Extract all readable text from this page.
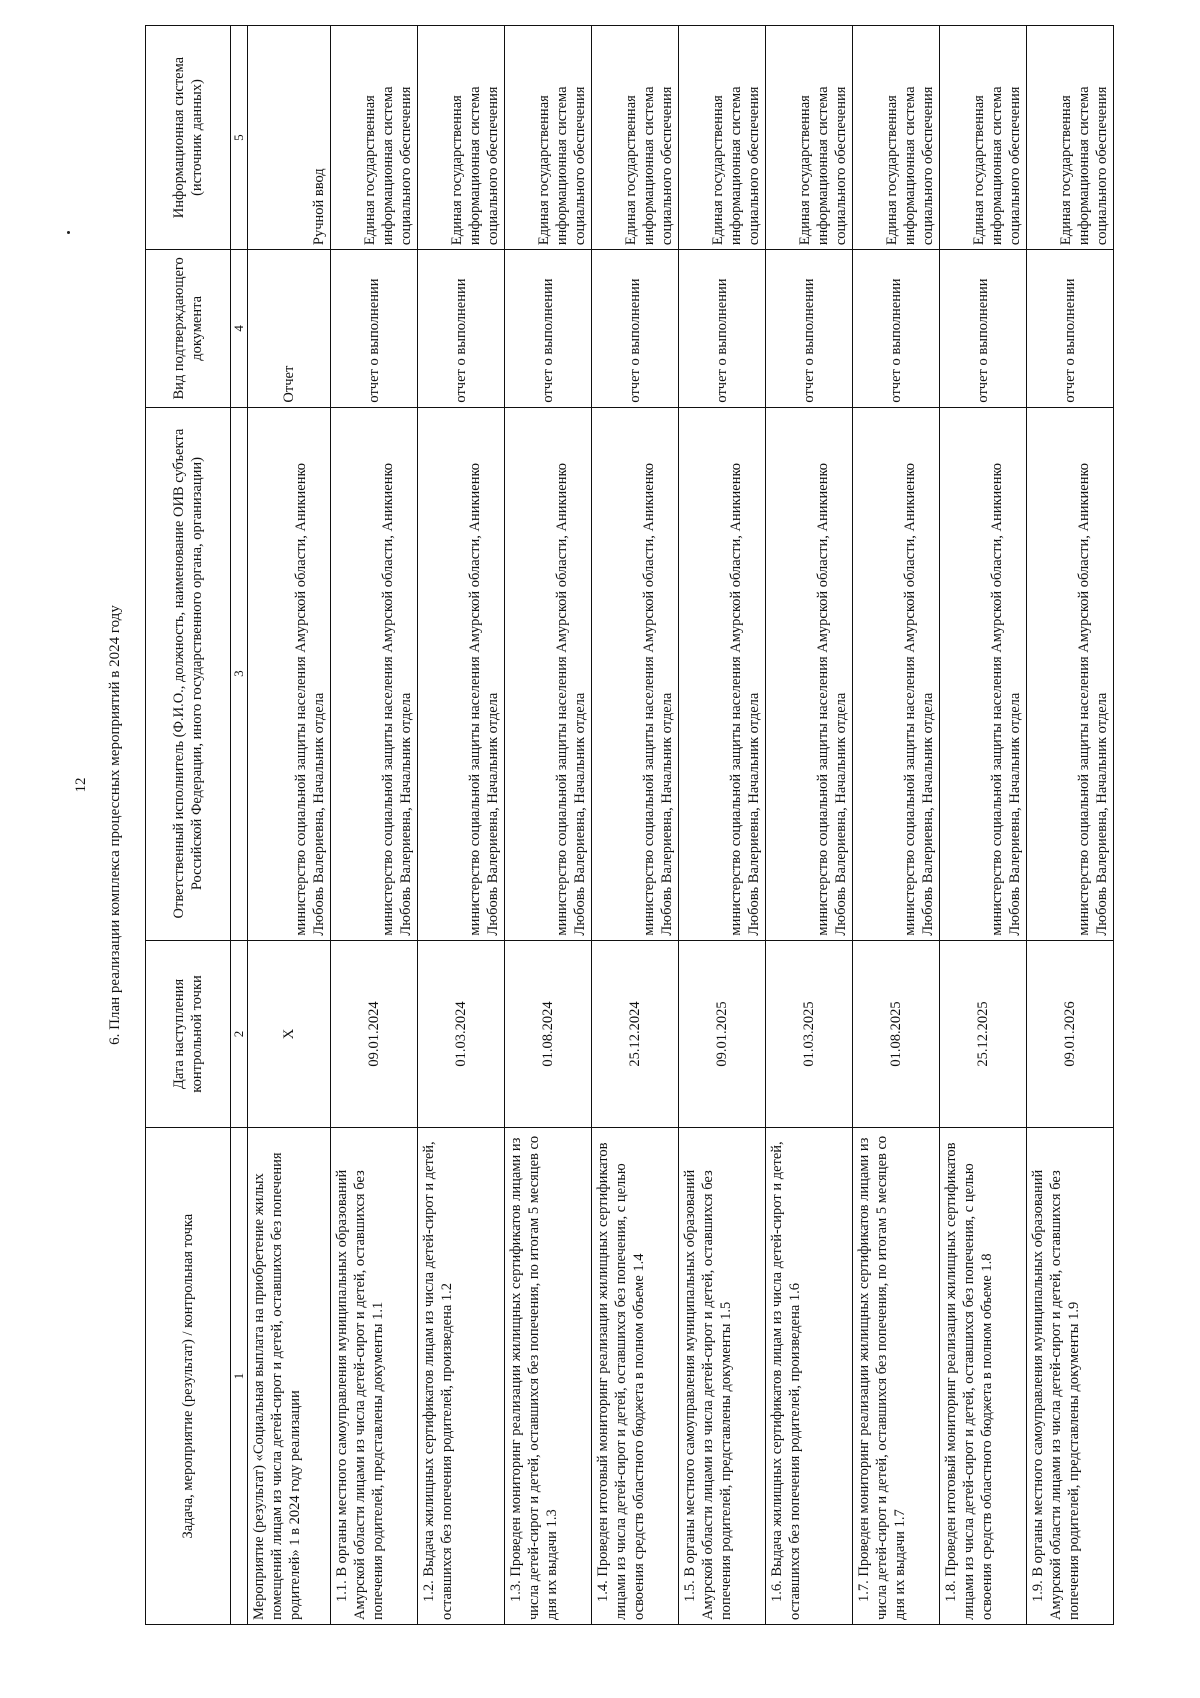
12 6. План реализации комплекса процессных мероприятий в 2024 году
Задача, мероприятие (результат) / контрольная точка	Дата наступления контрольной точки	Ответственный исполнитель (Ф.И.О., должность, наименование ОИВ субъекта Российской Федерации, иного государственного органа, организации)	Вид подтверждающего документа	Информационная система (источник данных)
1	2	3	4	5
Мероприятие (результат) «Социальная выплата на приобретение жилых помещений лицам из числа детей-сирот и детей, оставшихся без попечения родителей» 1 в 2024 году реализации	X	министерство социальной защиты населения Амурской области, Аникиенко Любовь Валериевна, Начальник отдела	Отчет	Ручной ввод
1.1. В органы местного самоуправления муниципальных образований Амурской области лицами из числа детей-сирот и детей, оставшихся без попечения родителей, представлены документы 1.1	09.01.2024	министерство социальной защиты населения Амурской области, Аникиенко Любовь Валериевна, Начальник отдела	отчет о выполнении	Единая государственная информационная система социального обеспечения
1.2. Выдача жилищных сертификатов лицам из числа детей-сирот и детей, оставшихся без попечения родителей, произведена 1.2	01.03.2024	министерство социальной защиты населения Амурской области, Аникиенко Любовь Валериевна, Начальник отдела	отчет о выполнении	Единая государственная информационная система социального обеспечения
1.3. Проведен мониторинг реализации жилищных сертификатов лицами из числа детей-сирот и детей, оставшихся без попечения, по итогам 5 месяцев со дня их выдачи 1.3	01.08.2024	министерство социальной защиты населения Амурской области, Аникиенко Любовь Валериевна, Начальник отдела	отчет о выполнении	Единая государственная информационная система социального обеспечения
1.4. Проведен итоговый мониторинг реализации жилищных сертификатов лицами из числа детей-сирот и детей, оставшихся без попечения, с целью освоения средств областного бюджета в полном объеме 1.4	25.12.2024	министерство социальной защиты населения Амурской области, Аникиенко Любовь Валериевна, Начальник отдела	отчет о выполнении	Единая государственная информационная система социального обеспечения
1.5. В органы местного самоуправления муниципальных образований Амурской области лицами из числа детей-сирот и детей, оставшихся без попечения родителей, представлены документы 1.5	09.01.2025	министерство социальной защиты населения Амурской области, Аникиенко Любовь Валериевна, Начальник отдела	отчет о выполнении	Единая государственная информационная система социального обеспечения
1.6. Выдача жилищных сертификатов лицам из числа детей-сирот и детей, оставшихся без попечения родителей, произведена 1.6	01.03.2025	министерство социальной защиты населения Амурской области, Аникиенко Любовь Валериевна, Начальник отдела	отчет о выполнении	Единая государственная информационная система социального обеспечения
1.7. Проведен мониторинг реализации жилищных сертификатов лицами из числа детей-сирот и детей, оставшихся без попечения, по итогам 5 месяцев со дня их выдачи 1.7	01.08.2025	министерство социальной защиты населения Амурской области, Аникиенко Любовь Валериевна, Начальник отдела	отчет о выполнении	Единая государственная информационная система социального обеспечения
1.8. Проведен итоговый мониторинг реализации жилищных сертификатов лицами из числа детей-сирот и детей, оставшихся без попечения, с целью освоения средств областного бюджета в полном объеме 1.8	25.12.2025	министерство социальной защиты населения Амурской области, Аникиенко Любовь Валериевна, Начальник отдела	отчет о выполнении	Единая государственная информационная система социального обеспечения
1.9. В органы местного самоуправления муниципальных образований Амурской области лицами из числа детей-сирот и детей, оставшихся без попечения родителей, представлены документы 1.9	09.01.2026	министерство социальной защиты населения Амурской области, Аникиенко Любовь Валериевна, Начальник отдела	отчет о выполнении	Единая государственная информационная система социального обеспечения
